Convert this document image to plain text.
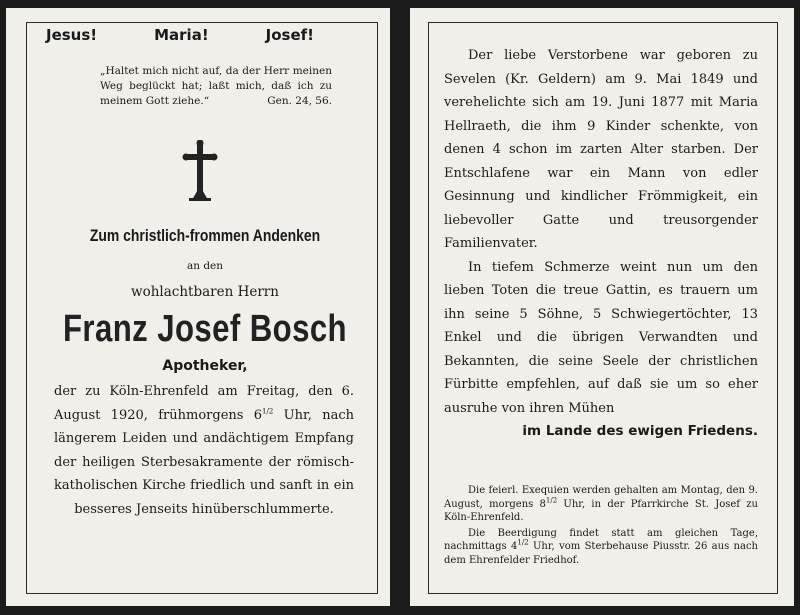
Jesus!	Maria!	Josef!
„Haltet mich nicht auf, da der Herr meinen Weg beglückt hat; laßt mich, daß ich zu meinem Gott ziehe.“	Gen. 24, 56.
Zum christlich-frommen Andenken
an den
wohlachtbaren Herrn
Franz Josef Bosch
Apotheker,
der zu Köln-Ehrenfeld am Freitag, den 6. August 1920, frühmorgens $6^{1/2}$ Uhr, nach längerem Leiden und andächtigem Empfang der heiligen Sterbesakramente der römisch-katholischen Kirche friedlich und sanft in ein besseres Jenseits hinüberschlummerte.

Der liebe Verstorbene war geboren zu Sevelen (Kr. Geldern) am 9. Mai 1849 und verehelichte sich am 19. Juni 1877 mit Maria Hellraeth, die ihm 9 Kinder schenkte, von denen 4 schon im zarten Alter starben. Der Entschlafene war ein Mann von edler Gesinnung und kindlicher Frömmigkeit, ein liebevoller Gatte und treusorgender Familienvater.

In tiefem Schmerze weint nun um den lieben Toten die treue Gattin, es trauern um ihn seine 5 Söhne, 5 Schwiegertöchter, 13 Enkel und die übrigen Verwandten und Bekannten, die seine Seele der christlichen Fürbitte empfehlen, auf daß sie um so eher ausruhe von ihren Mühen

im Lande des ewigen Friedens.

Die feierl. Exequien werden gehalten am Montag, den 9. August, morgens $8^{1/2}$ Uhr, in der Pfarrkirche St. Josef zu Köln-Ehrenfeld.

Die Beerdigung findet statt am gleichen Tage, nachmittags $4^{1/2}$ Uhr, vom Sterbehause Piusstr. 26 aus nach dem Ehrenfelder Friedhof.
